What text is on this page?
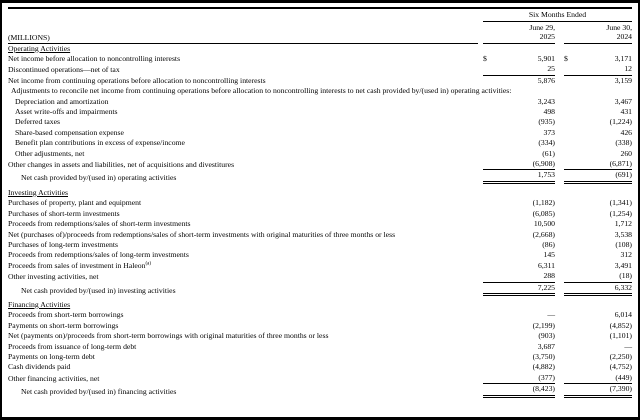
Six Months Ended
(MILLIONS)
June 29,
2025
June 30,
2024
Operating Activities
Net income before allocation to noncontrolling interests	$	5,901 $	3,171
Discontinued operations—net of tax	25	12
Net income from continuing operations before allocation to noncontrolling interests	5,876	3,159
Adjustments to reconcile net income from continuing operations before allocation to noncontrolling interests to net cash provided by/(used in) operating activities:
Depreciation and amortization	3,243	3,467
Asset write-offs and impairments	498	431
Deferred taxes	(935)	(1,224)
Share-based compensation expense	373	426
Benefit plan contributions in excess of expense/income	(334)	(338)
Other adjustments, net	(61)	260
Other changes in assets and liabilities, net of acquisitions and divestitures	(6,908)	(6,871)
Net cash provided by/(used in) operating activities	1,753	(691)
Investing Activities
Purchases of property, plant and equipment	(1,182)	(1,341)
Purchases of short-term investments	(6,085)	(1,254)
Proceeds from redemptions/sales of short-term investments	10,500	1,712
Net (purchases of)/proceeds from redemptions/sales of short-term investments with original maturities of three months or less	(2,668)	3,538
Purchases of long-term investments	(86)	(108)
Proceeds from redemptions/sales of long-term investments	145	312
Proceeds from sales of investment in Haleon$^{(a)}$	6,311	3,491
Other investing activities, net	288	(18)
Net cash provided by/(used in) investing activities	7,225	6,332
Financing Activities
Proceeds from short-term borrowings	—	6,014
Payments on short-term borrowings	(2,199)	(4,852)
Net (payments on)/proceeds from short-term borrowings with original maturities of three months or less	(903)	(1,101)
Proceeds from issuance of long-term debt	3,687	—
Payments on long-term debt	(3,750)	(2,250)
Cash dividends paid	(4,882)	(4,752)
Other financing activities, net	(377)	(449)
Net cash provided by/(used in) financing activities	(8,423)	(7,390)
